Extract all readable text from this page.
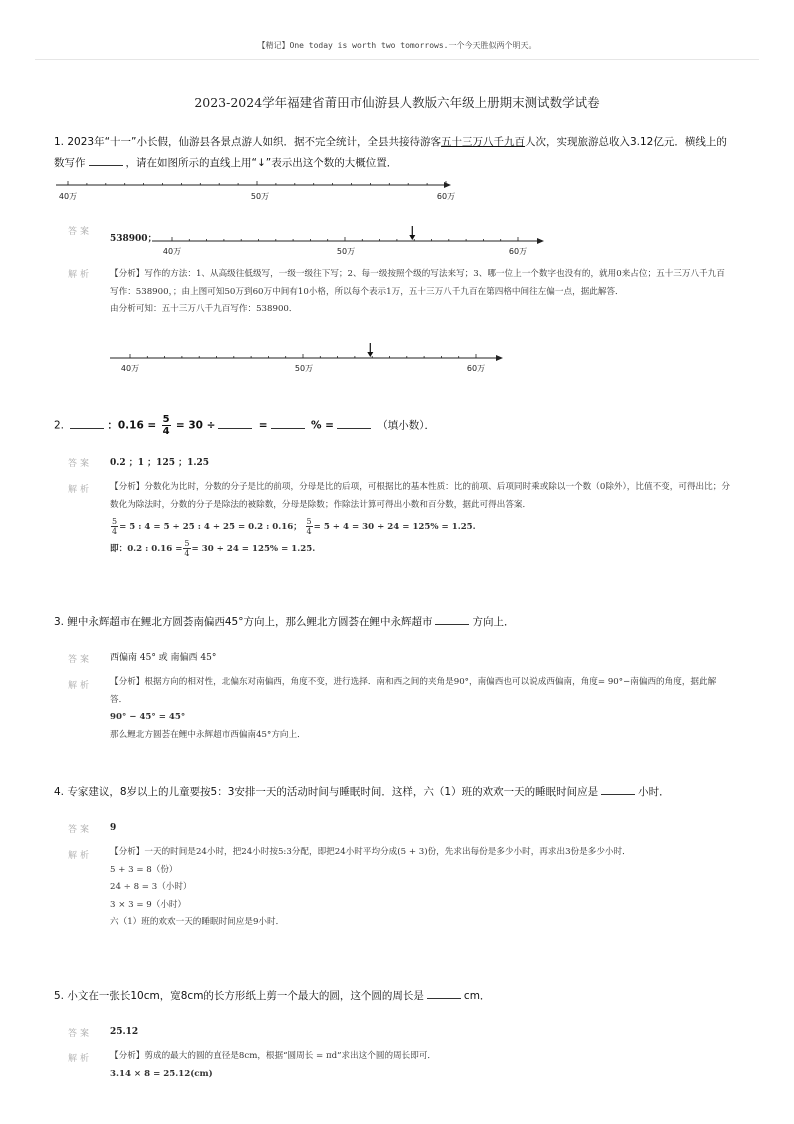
【精记】One today is worth two tomorrows.一个今天胜似两个明天。
2023-2024学年福建省莆田市仙游县人教版六年级上册期末测试数学试卷
1. 2023年“十一”小长假，仙游县各景点游人如织．据不完全统计，全县共接待游客五十三万八千九百人次，实现旅游总收入3.12亿元．横线上的
数写作	，请在如图所示的直线上用“↓”表示出这个数的大概位置．
40万	50万	60万
答案
538900；
40万	50万	60万
解析 【分析】写作的方法：1、从高级往低级写，一级一级往下写；2、每一级按照个级的写法来写；3、哪一位上一个数字也没有的，就用0来占位；五十三万八千九百写作：538900，；由上图可知50万到60万中间有10小格，所以每个表示1万，五十三万八千九百在第四格中间往左偏一点，据此解答．
由分析可知：五十三万八千九百写作：538900．
40万	50万	60万
2.	：$0.16 = \frac{5}{4} = 30$ ÷	=	% =	（填小数）．
答案 0.2 ；1 ；125 ；1.25
解析 【分析】分数化为比时，分数的分子是比的前项，分母是比的后项，可根据比的基本性质：比的前项、后项同时乘或除以一个数（0除外），比值不变，可得出比；分数化为除法时，分数的分子是除法的被除数，分母是除数；作除法计算可得出小数和百分数，据此可得出答案．
$\frac{5}{4} = 5$ : 4 = 5 ÷ 25 : 4 ÷ 25 = 0.2 : 0.16； $\frac{5}{4} = 5 \div 4 = 30 \div 24 = 125\% = 1.25$.
即：0.2 : $0.16 = \frac{5}{4} = 30 \div 24 = 125\% = 1.25$.
3. 鲤中永辉超市在鲤北方圆荟南偏西45°方向上，那么鲤北方圆荟在鲤中永辉超市	方向上．
答案 西偏南 45° 或 南偏西 45°
解析 【分析】根据方向的相对性，北偏东对南偏西，角度不变，进行选择．南和西之间的夹角是90°，南偏西也可以说成西偏南，角度= 90°−南偏西的角度，据此解答．
90° − 45° = 45°
那么鲤北方圆荟在鲤中永辉超市西偏南45°方向上．
4. 专家建议，8岁以上的儿童要按5：3安排一天的活动时间与睡眠时间．这样，六（1）班的欢欢一天的睡眠时间应是	小时．
答案 9
解析 【分析】一天的时间是24小时，把24小时按5:3分配，即把24小时平均分成(5 + 3)份，先求出每份是多少小时，再求出3份是多少小时．
5 + 3 = 8（份）
24 ÷ 8 = 3（小时）
3 × 3 = 9（小时）
六（1）班的欢欢一天的睡眠时间应是9小时．
5. 小文在一张长10cm，宽8cm的长方形纸上剪一个最大的圆，这个圆的周长是	cm．
答案 25.12
解析 【分析】剪成的最大的圆的直径是8cm，根据“圆周长 = πd”求出这个圆的周长即可．
3.14 × 8 = 25.12(cm)
